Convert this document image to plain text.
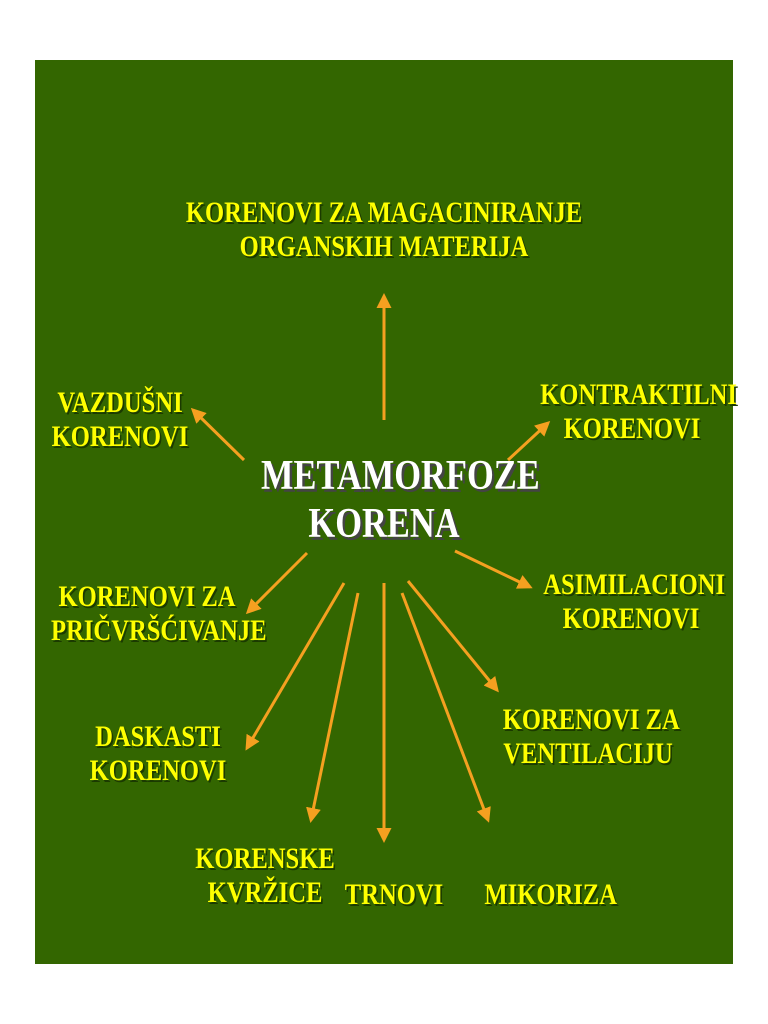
KORENOVI ZA MAGACINIRANJE
ORGANSKIH MATERIJA
VAZDUŠNI
KORENOVI
KONTRAKTILNI
KORENOVI
METAMORFOZE
KORENA
KORENOVI ZA
PRIČVRŠĆIVANJE
ASIMILACIONI
KORENOVI
KORENOVI ZA
VENTILACIJU
DASKASTI
KORENOVI
KORENSKE
KVRŽICE TRNOVI MIKORIZA
